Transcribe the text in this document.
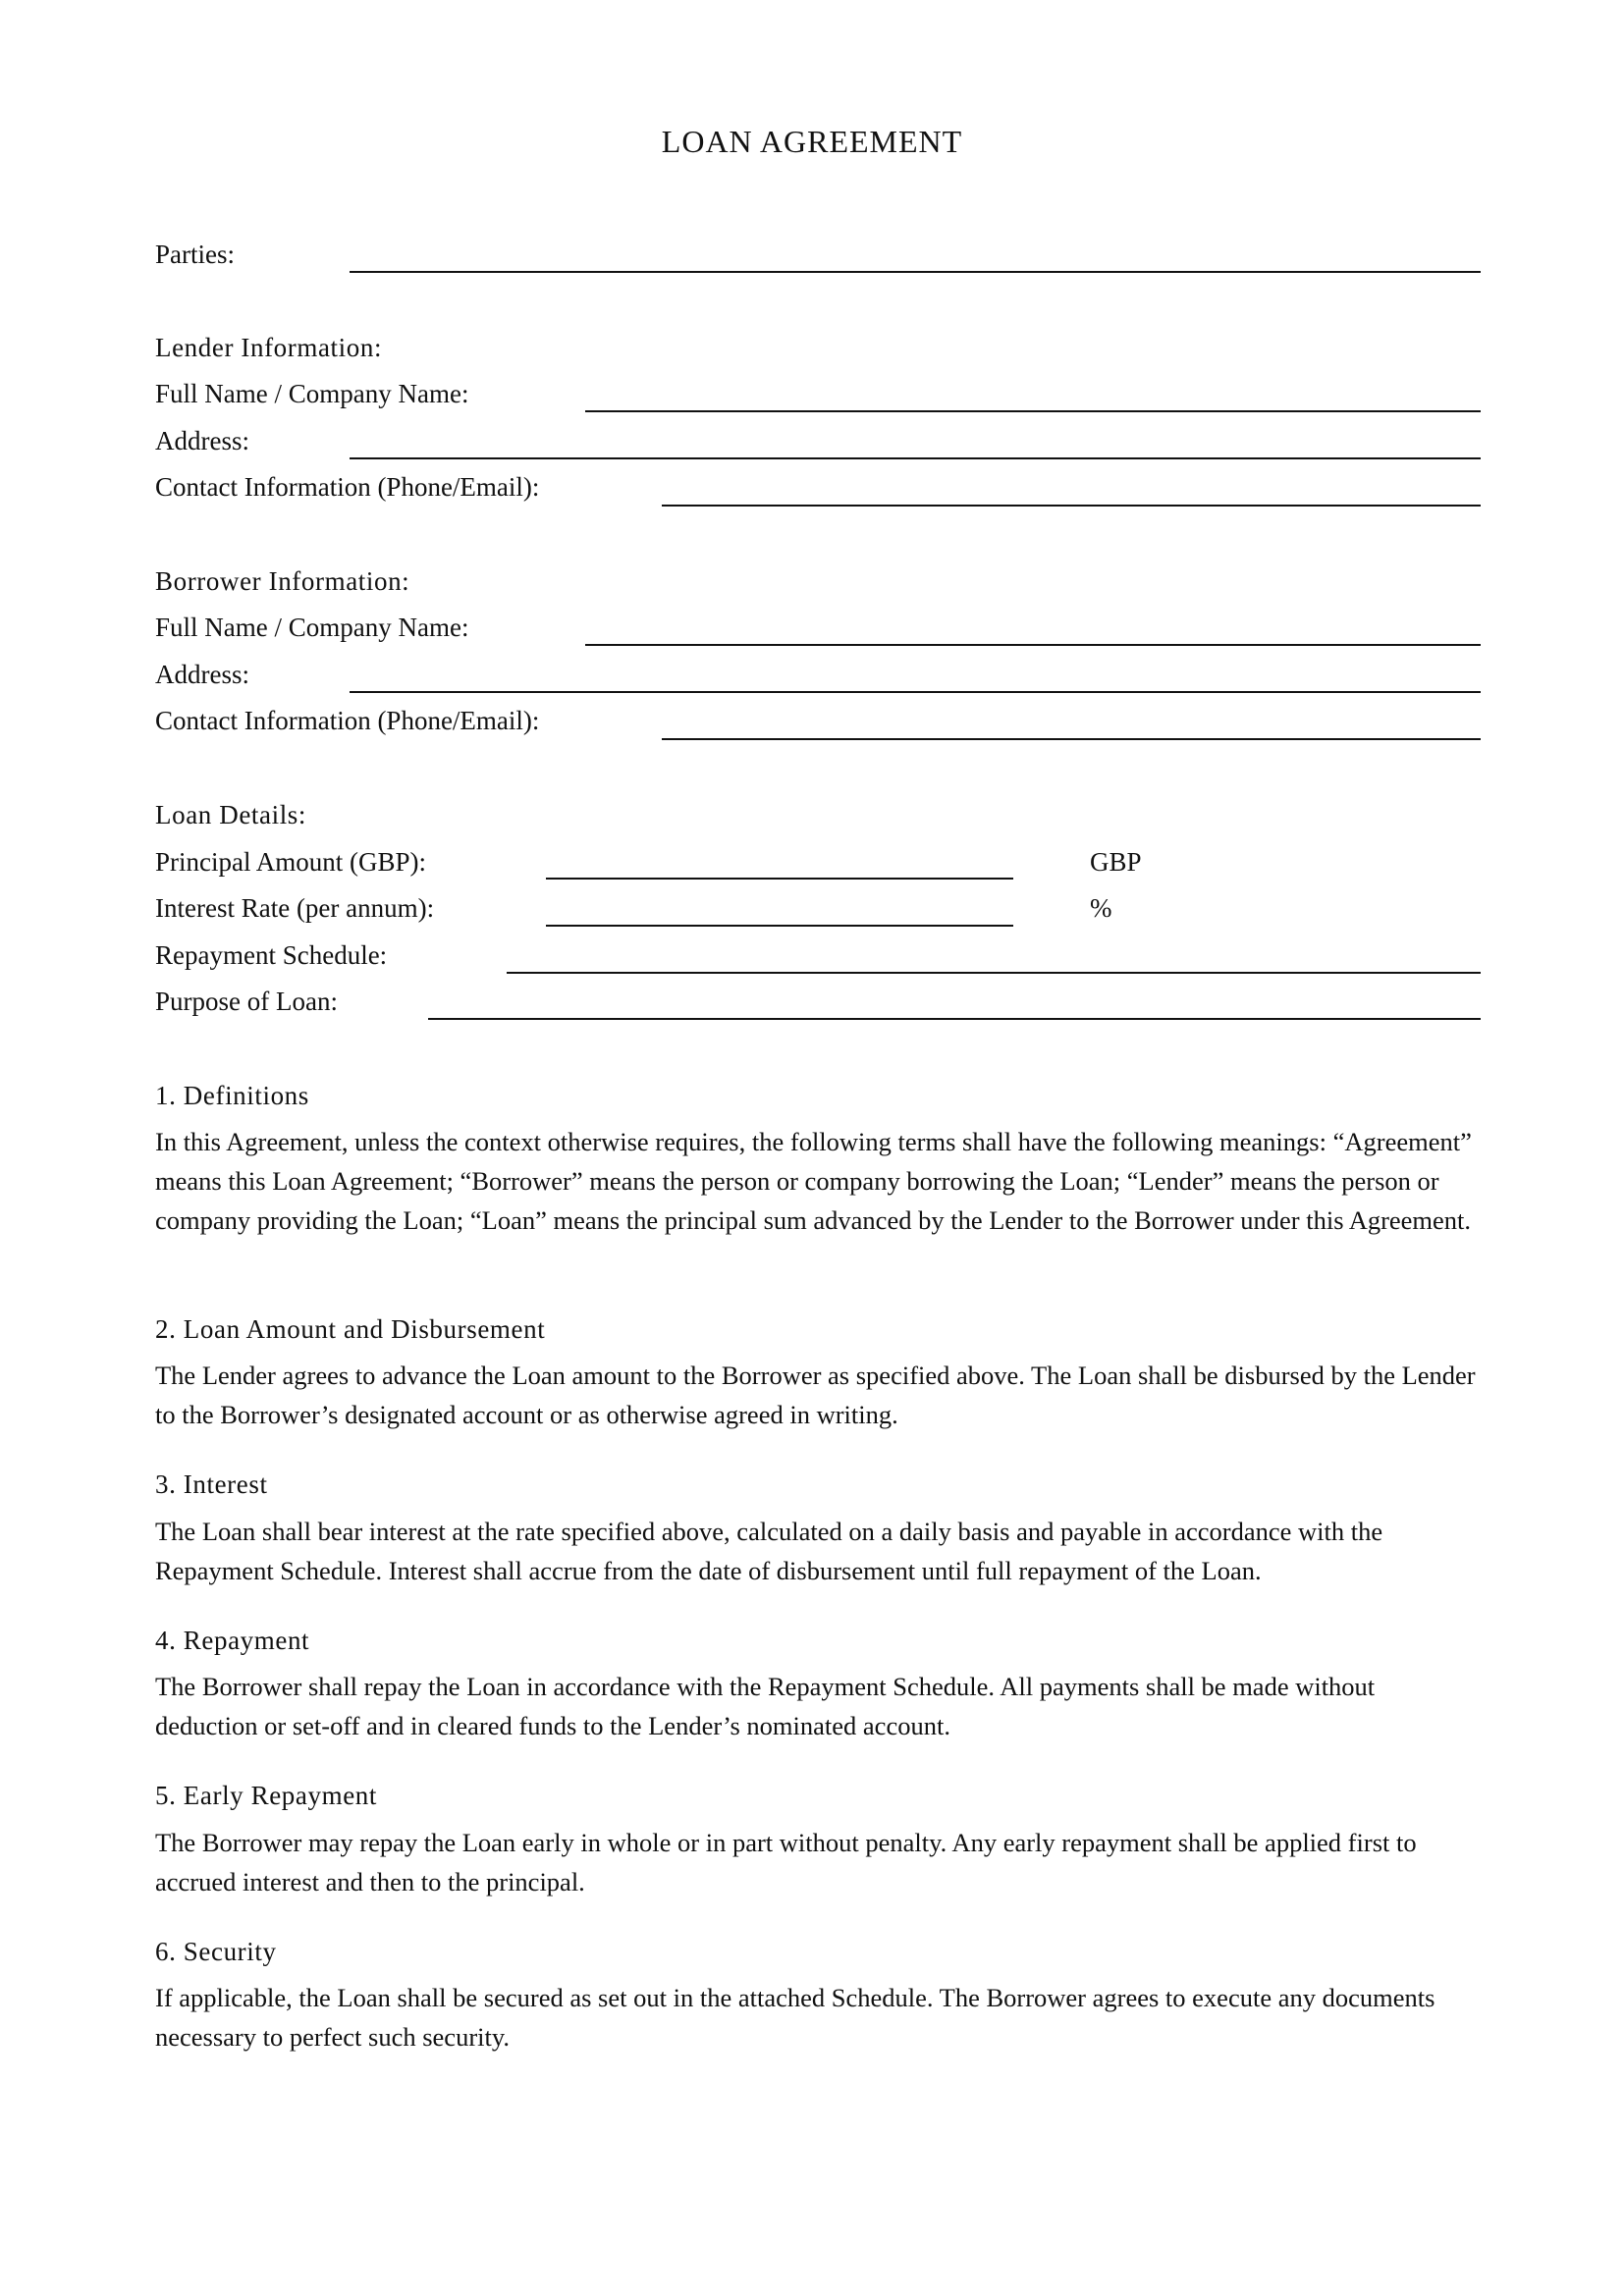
LOAN AGREEMENT
Parties:
Lender Information:
Full Name / Company Name:
Address:
Contact Information (Phone/Email):
Borrower Information:
Full Name / Company Name:
Address:
Contact Information (Phone/Email):
Loan Details:
Principal Amount (GBP):	GBP
Interest Rate (per annum):	%
Repayment Schedule:
Purpose of Loan:
1. Definitions

In this Agreement, unless the context otherwise requires, the following terms shall have the following meanings: “Agreement” means this Loan Agreement; “Borrower” means the person or company borrowing the Loan; “Lender” means the person or company providing the Loan; “Loan” means the principal sum advanced by the Lender to the Borrower under this Agreement.

2. Loan Amount and Disbursement

The Lender agrees to advance the Loan amount to the Borrower as specified above. The Loan shall be disbursed by the Lender to the Borrower’s designated account or as otherwise agreed in writing.

3. Interest

The Loan shall bear interest at the rate specified above, calculated on a daily basis and payable in accordance with the Repayment Schedule. Interest shall accrue from the date of disbursement until full repayment of the Loan.

4. Repayment

The Borrower shall repay the Loan in accordance with the Repayment Schedule. All payments shall be made without deduction or set-off and in cleared funds to the Lender’s nominated account.

5. Early Repayment

The Borrower may repay the Loan early in whole or in part without penalty. Any early repayment shall be applied first to accrued interest and then to the principal.

6. Security

If applicable, the Loan shall be secured as set out in the attached Schedule. The Borrower agrees to execute any documents necessary to perfect such security.
